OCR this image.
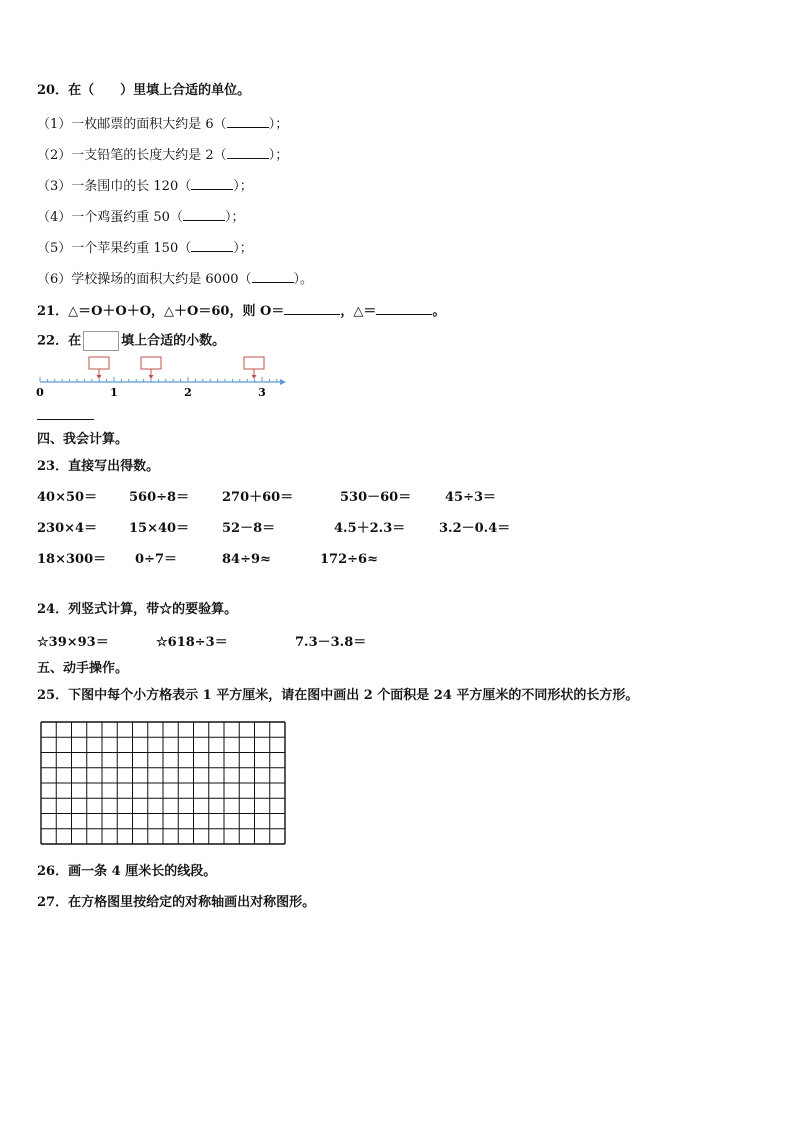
20．在（　　）里填上合适的单位。
（1）一枚邮票的面积大约是 6（	）；
（2）一支铅笔的长度大约是 2（	）；
（3）一条围巾的长 120（	）；
（4）一个鸡蛋约重 50（	）；
（5）一个苹果约重 150（	）；
（6）学校操场的面积大约是 6000（	）。
21．△＝O＋O＋O，△＋O＝60，则 O＝	，△＝	。
22．在	填上合适的小数。
0	1	2	3
四、我会计算。
23．直接写出得数。
40×50＝ 560÷8＝	270＋60＝	530－60＝	45÷3＝
230×4＝ 15×40＝	52－8＝	4.5＋2.3＝	3.2－0.4＝
18×300＝ 0÷7＝	84÷9≈	172÷6≈
24．列竖式计算，带☆的要验算。
☆39×93＝	☆618÷3＝	7.3－3.8＝
五、动手操作。
25．下图中每个小方格表示 1 平方厘米，请在图中画出 2 个面积是 24 平方厘米的不同形状的长方形。
26．画一条 4 厘米长的线段。
27．在方格图里按给定的对称轴画出对称图形。
